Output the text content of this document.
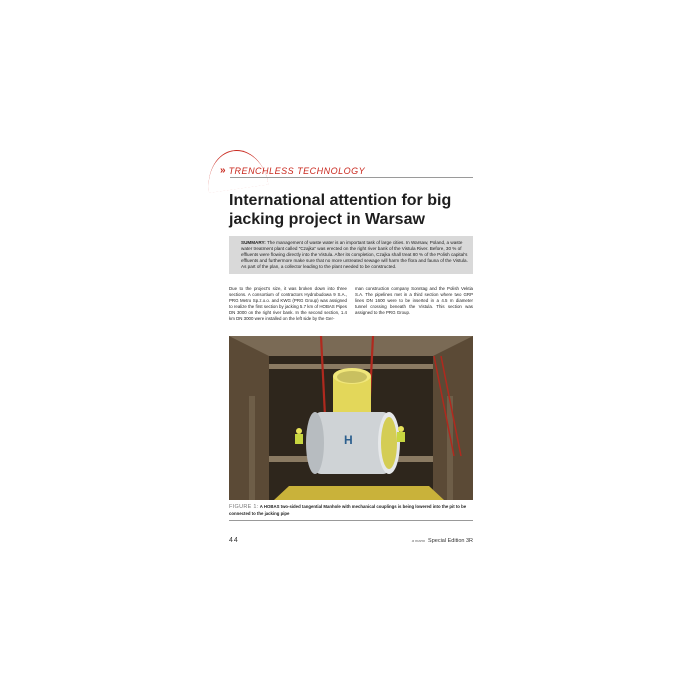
» TRENCHLESS TECHNOLOGY
International attention for big jacking project in Warsaw
SUMMARY: The management of waste water is an important task of large cities. In Warsaw, Poland, a waste water treatment plant called "Czajka" was erected on the right river bank of the Vistula River. Before, 30 % of effluents were flowing directly into the Vistula. After its completion, Czajka shall treat 80 % of the Polish capital's effluents and furthermore make sure that no more untreated sewage will harm the flora and fauna of the Vistula. As part of the plan, a collector leading to the plant needed to be constructed.
Due to the project's size, it was broken down into three sections. A consortium of contractors Hydrobudowa 9 S.A., PRG Metro Sp.z.o.o. and KWG (PRG Group) was assigned to realize the first section by jacking 5.7 km of HOBAS Pipes DN 3000 on the right river bank. In the second section, 1.4 km DN 3000 were installed on the left side by the Ger-
man construction company Sonntag and the Polish Vektia S.A. The pipelines met in a third section where two GRP lines DN 1600 were to be inserted in a 4.5 m diameter tunnel crossing beneath the Vistula. This section was assigned to the PRG Group.
H
FIGURE 1: A HOBAS two-sided tangential Manhole with mechanical couplings is being lowered into the pit to be connected to the jacking pipe
44	a mano Special Edition 3R
